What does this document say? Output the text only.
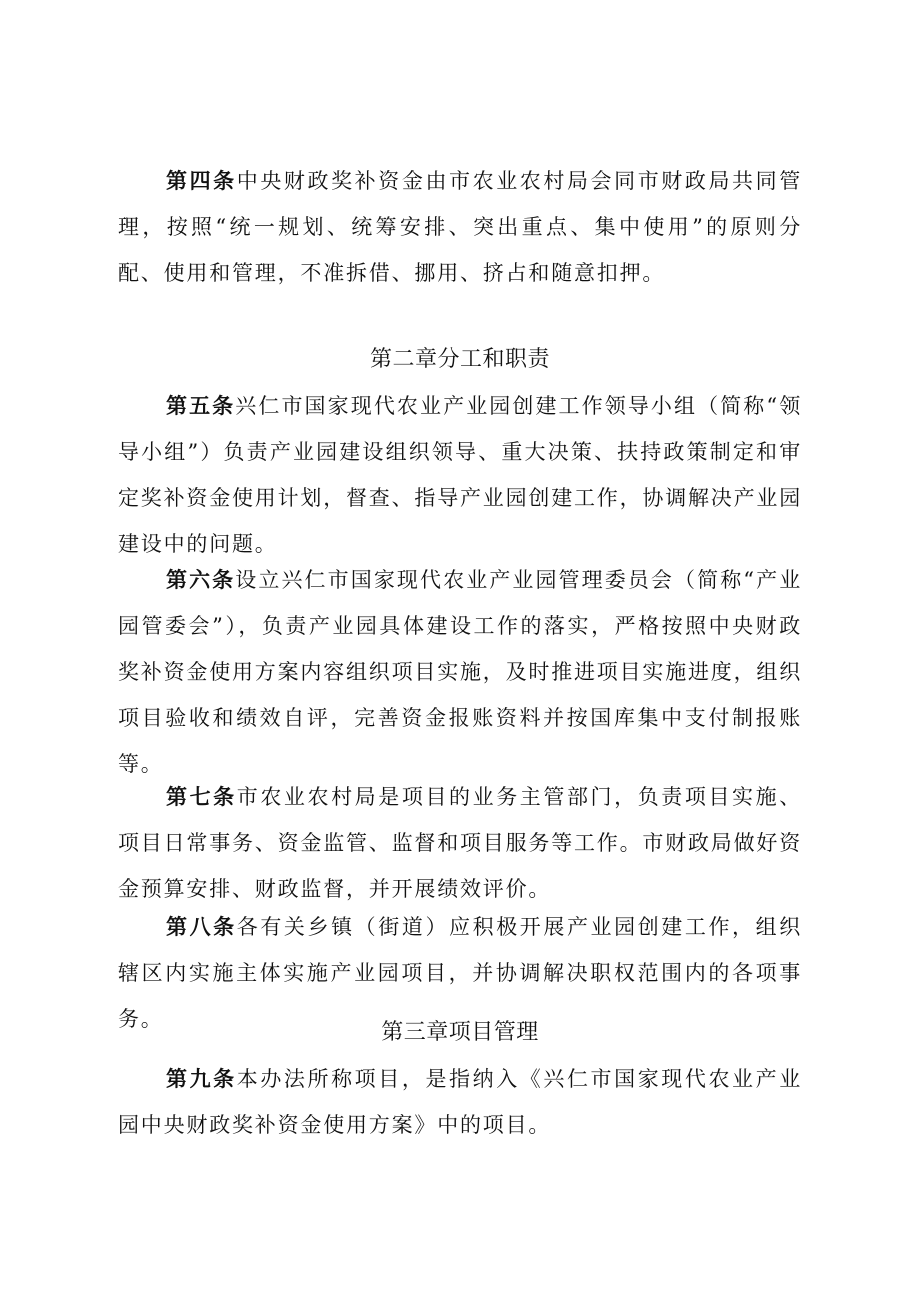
第四条中央财政奖补资金由市农业农村局会同市财政局共同管理，按照“统一规划、统筹安排、突出重点、集中使用”的原则分配、使用和管理，不准拆借、挪用、挤占和随意扣押。

第二章分工和职责

第五条兴仁市国家现代农业产业园创建工作领导小组（简称“领导小组”）负责产业园建设组织领导、重大决策、扶持政策制定和审定奖补资金使用计划，督查、指导产业园创建工作，协调解决产业园建设中的问题。

第六条设立兴仁市国家现代农业产业园管理委员会（简称“产业园管委会”），负责产业园具体建设工作的落实，严格按照中央财政奖补资金使用方案内容组织项目实施，及时推进项目实施进度，组织项目验收和绩效自评，完善资金报账资料并按国库集中支付制报账等。

第七条市农业农村局是项目的业务主管部门，负责项目实施、项目日常事务、资金监管、监督和项目服务等工作。市财政局做好资金预算安排、财政监督，并开展绩效评价。

第八条各有关乡镇（街道）应积极开展产业园创建工作，组织辖区内实施主体实施产业园项目，并协调解决职权范围内的各项事务。

第三章项目管理

第九条本办法所称项目，是指纳入《兴仁市国家现代农业产业园中央财政奖补资金使用方案》中的项目。
